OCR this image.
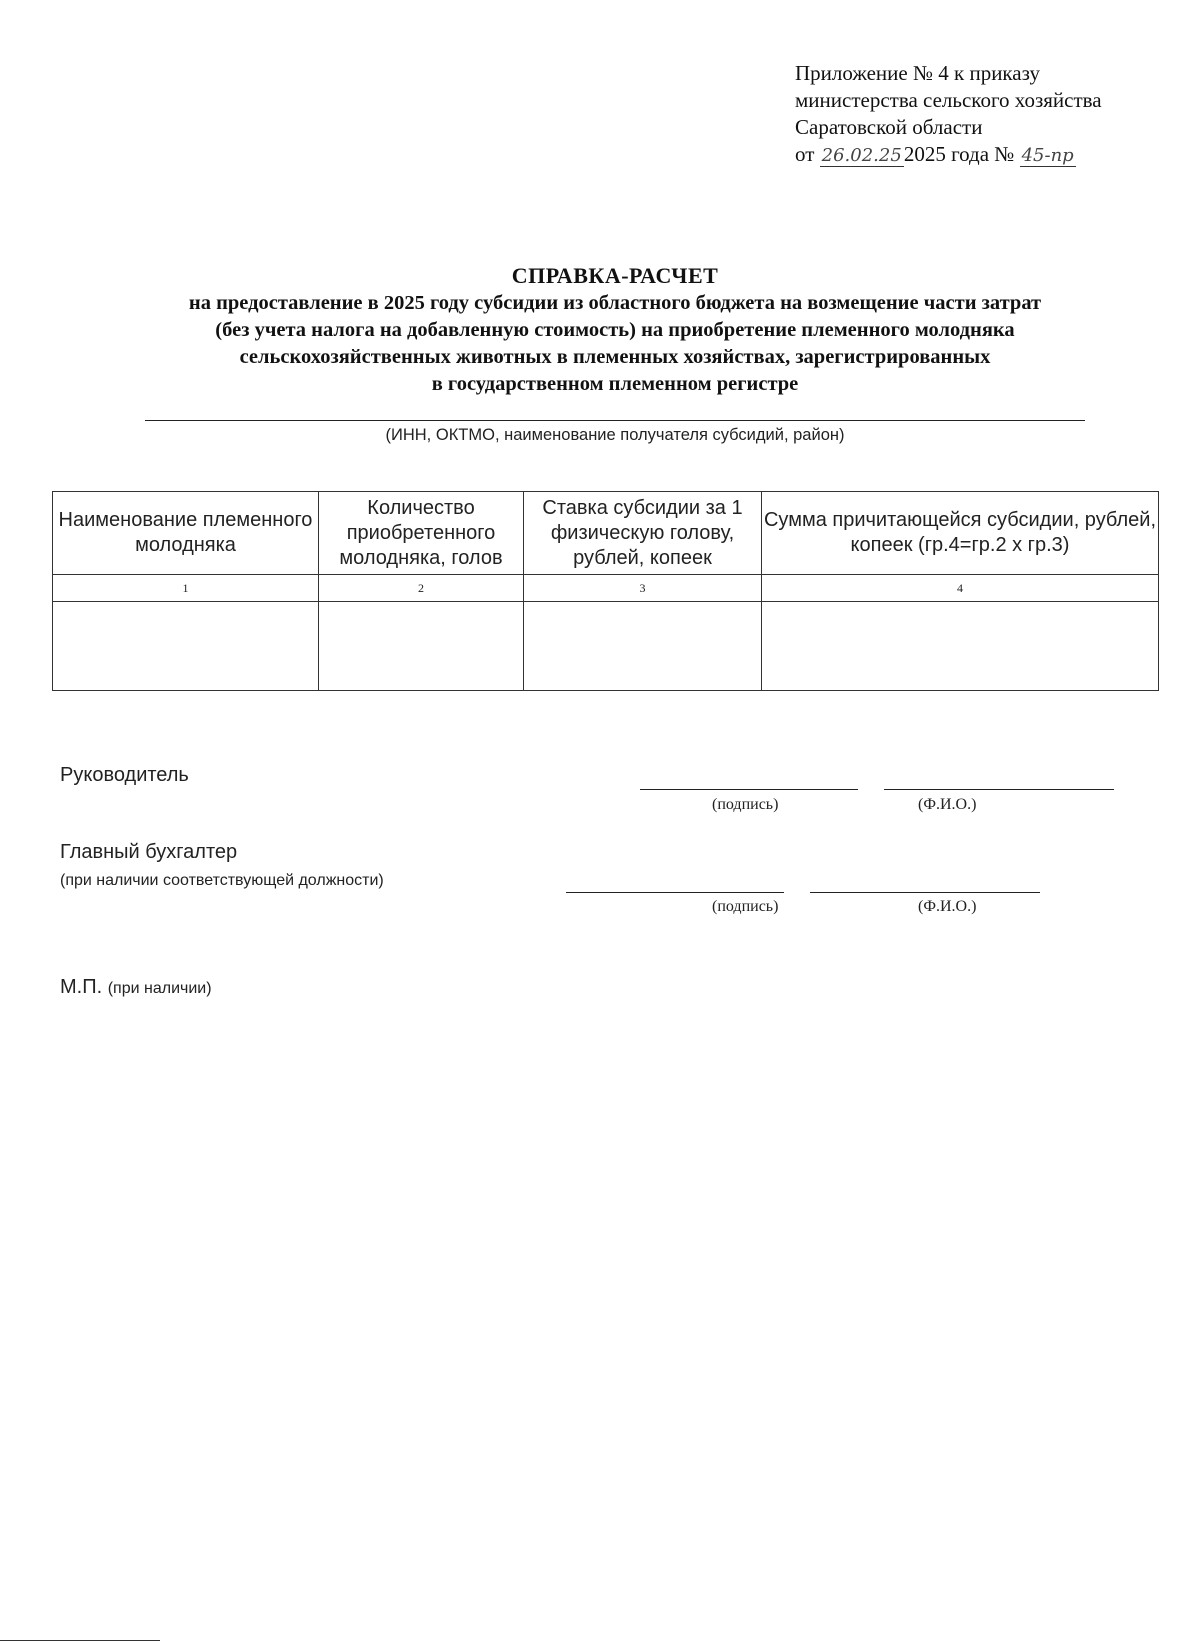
Приложение № 4 к приказу
министерства сельского хозяйства
Саратовской области
от 26.02.252025 года № 45-пр
СПРАВКА-РАСЧЕТ
на предоставление в 2025 году субсидии из областного бюджета на возмещение части затрат
(без учета налога на добавленную стоимость) на приобретение племенного молодняка
сельскохозяйственных животных в племенных хозяйствах, зарегистрированных
в государственном племенном регистре
(ИНН, ОКТМО, наименование получателя субсидий, район)
Наименование племенного молодняка	Количество приобретенного молодняка, голов	Ставка субсидии за 1 физическую голову, рублей, копеек	Сумма причитающейся субсидии, рублей, копеек (гр.4=гр.2 х гр.3)
1	2	3	4

Руководитель
(подпись)	(Ф.И.О.)
Главный бухгалтер
(при наличии соответствующей должности)
(подпись)	(Ф.И.О.)
М.П. (при наличии)
